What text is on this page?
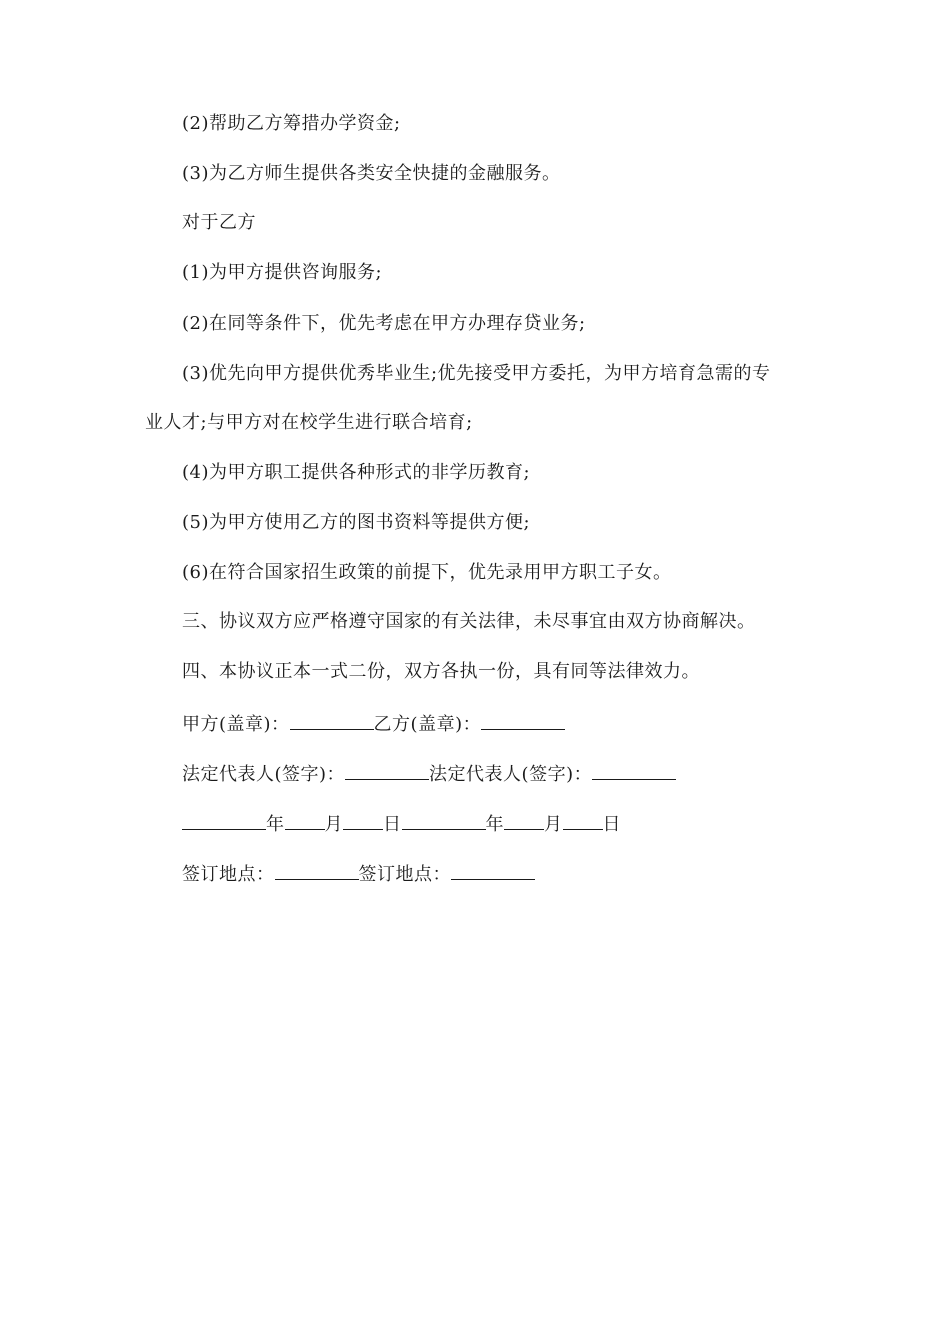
(2)帮助乙方筹措办学资金;
(3)为乙方师生提供各类安全快捷的金融服务。
对于乙方
(1)为甲方提供咨询服务;
(2)在同等条件下，优先考虑在甲方办理存贷业务;
(3)优先向甲方提供优秀毕业生;优先接受甲方委托，为甲方培育急需的专
业人才;与甲方对在校学生进行联合培育;
(4)为甲方职工提供各种形式的非学历教育;
(5)为甲方使用乙方的图书资料等提供方便;
(6)在符合国家招生政策的前提下，优先录用甲方职工子女。
三、协议双方应严格遵守国家的有关法律，未尽事宜由双方协商解决。
四、本协议正本一式二份，双方各执一份，具有同等法律效力。
甲方(盖章)：	乙方(盖章)：
法定代表人(签字)：	法定代表人(签字)：
年 月 日	年 月 日
签订地点：	签订地点：
